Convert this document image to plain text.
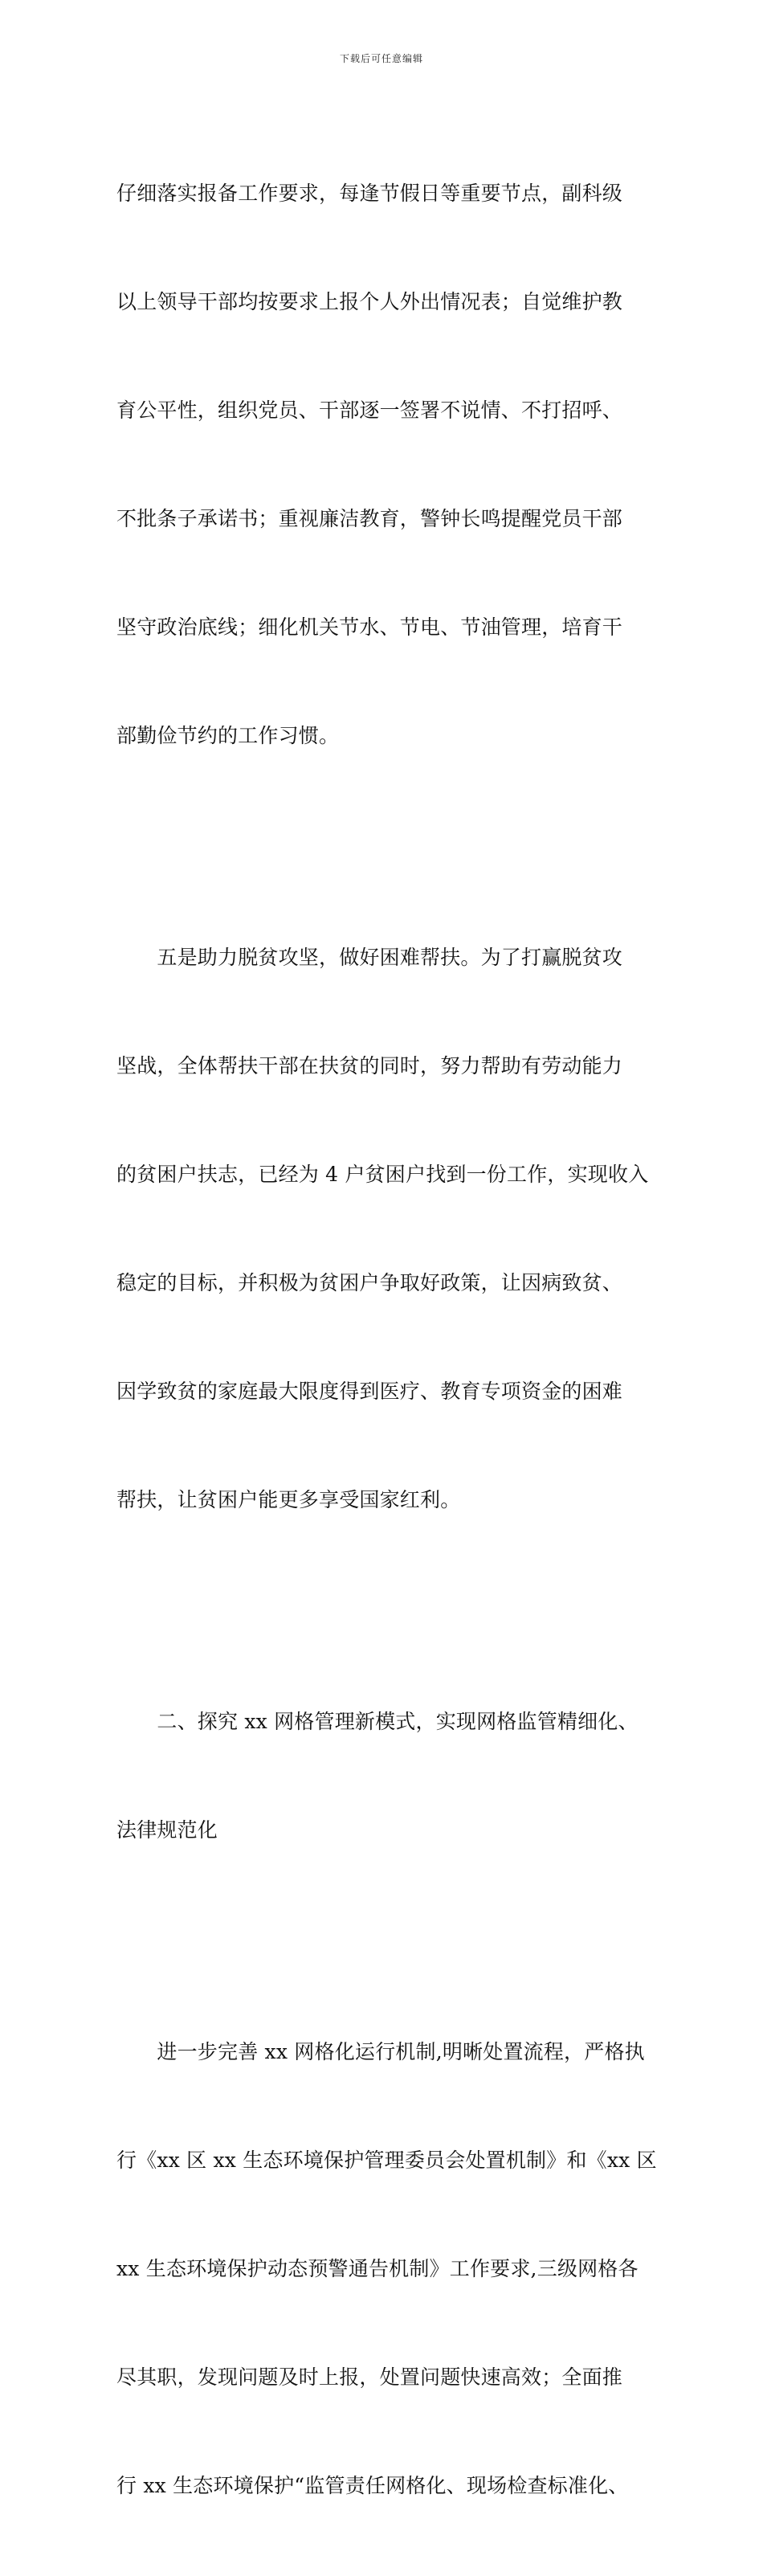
下载后可任意编辑

仔细落实报备工作要求，每逢节假日等重要节点，副科级

以上领导干部均按要求上报个人外出情况表；自觉维护教

育公平性，组织党员、干部逐一签署不说情、不打招呼、

不批条子承诺书；重视廉洁教育，警钟长鸣提醒党员干部

坚守政治底线；细化机关节水、节电、节油管理，培育干

部勤俭节约的工作习惯。

　　五是助力脱贫攻坚，做好困难帮扶。为了打赢脱贫攻

坚战，全体帮扶干部在扶贫的同时，努力帮助有劳动能力

的贫困户扶志，已经为 4 户贫困户找到一份工作，实现收入

稳定的目标，并积极为贫困户争取好政策，让因病致贫、

因学致贫的家庭最大限度得到医疗、教育专项资金的困难

帮扶，让贫困户能更多享受国家红利。

　　二、探究 xx 网格管理新模式，实现网格监管精细化、

法律规范化

　　进一步完善 xx 网格化运行机制,明晰处置流程，严格执

行《xx 区 xx 生态环境保护管理委员会处置机制》和《xx 区

xx 生态环境保护动态预警通告机制》工作要求,三级网格各

尽其职，发现问题及时上报，处置问题快速高效；全面推

行 xx 生态环境保护“监管责任网格化、现场检查标准化、
